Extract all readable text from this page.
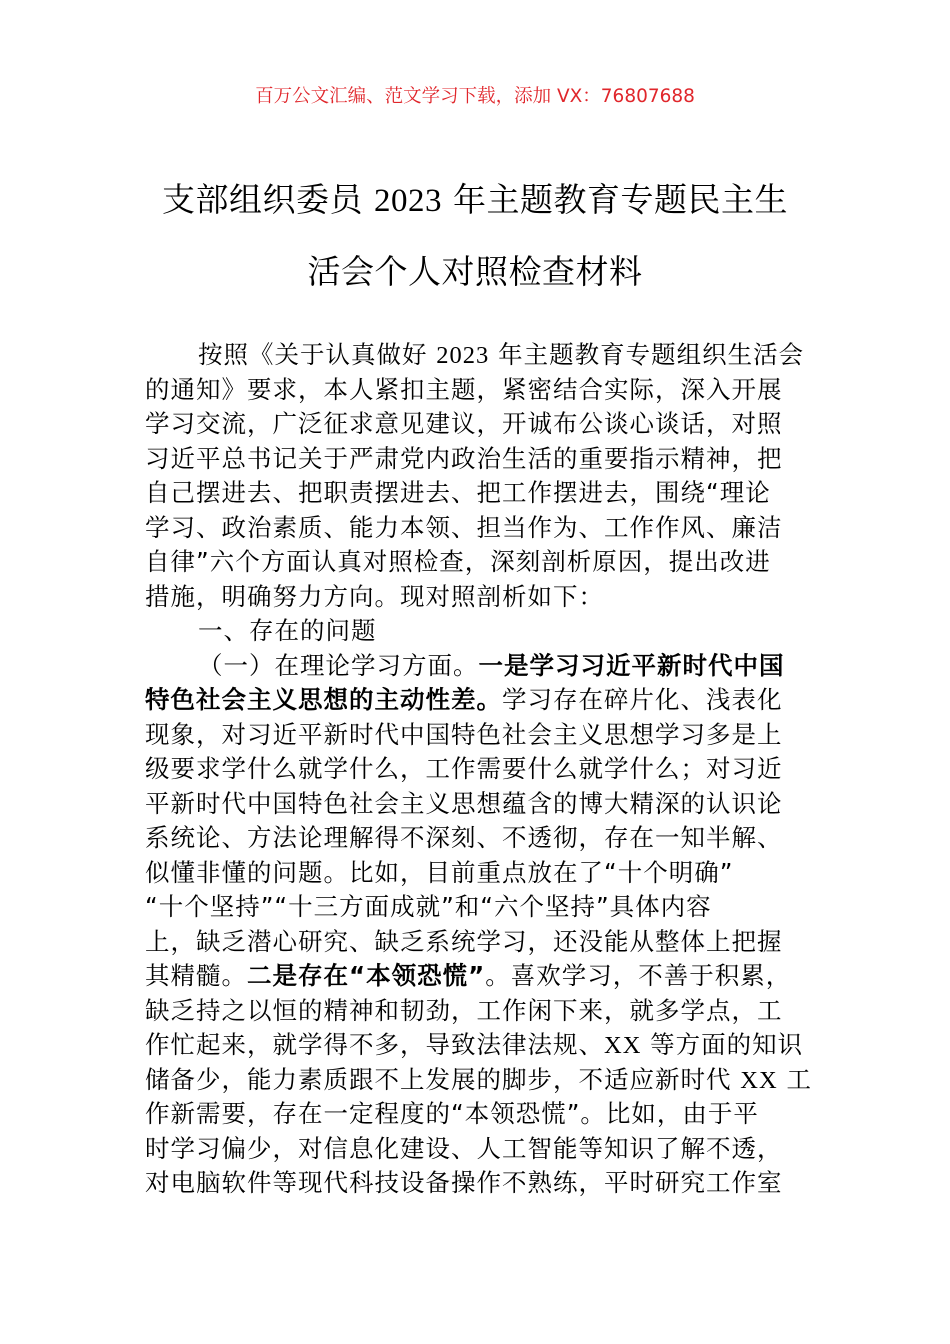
百万公文汇编、范文学习下载，添加 VX：76807688
支部组织委员 2023 年主题教育专题民主生
活会个人对照检查材料
按照《关于认真做好 2023 年主题教育专题组织生活会
的通知》要求，本人紧扣主题，紧密结合实际，深入开展
学习交流，广泛征求意见建议，开诚布公谈心谈话，对照
习近平总书记关于严肃党内政治生活的重要指示精神，把
自己摆进去、把职责摆进去、把工作摆进去，围绕“理论
学习、政治素质、能力本领、担当作为、工作作风、廉洁
自律”六个方面认真对照检查，深刻剖析原因，提出改进
措施，明确努力方向。现对照剖析如下：
一、存在的问题
（一）在理论学习方面。一是学习习近平新时代中国
特色社会主义思想的主动性差。学习存在碎片化、浅表化
现象，对习近平新时代中国特色社会主义思想学习多是上
级要求学什么就学什么，工作需要什么就学什么；对习近
平新时代中国特色社会主义思想蕴含的博大精深的认识论
系统论、方法论理解得不深刻、不透彻，存在一知半解、
似懂非懂的问题。比如，目前重点放在了“十个明确”
“十个坚持”“十三方面成就”和“六个坚持”具体内容
上，缺乏潜心研究、缺乏系统学习，还没能从整体上把握
其精髓。二是存在“本领恐慌”。喜欢学习，不善于积累，
缺乏持之以恒的精神和韧劲，工作闲下来，就多学点，工
作忙起来，就学得不多，导致法律法规、XX 等方面的知识
储备少，能力素质跟不上发展的脚步，不适应新时代 XX 工
作新需要，存在一定程度的“本领恐慌”。比如，由于平
时学习偏少，对信息化建设、人工智能等知识了解不透，
对电脑软件等现代科技设备操作不熟练，平时研究工作室
